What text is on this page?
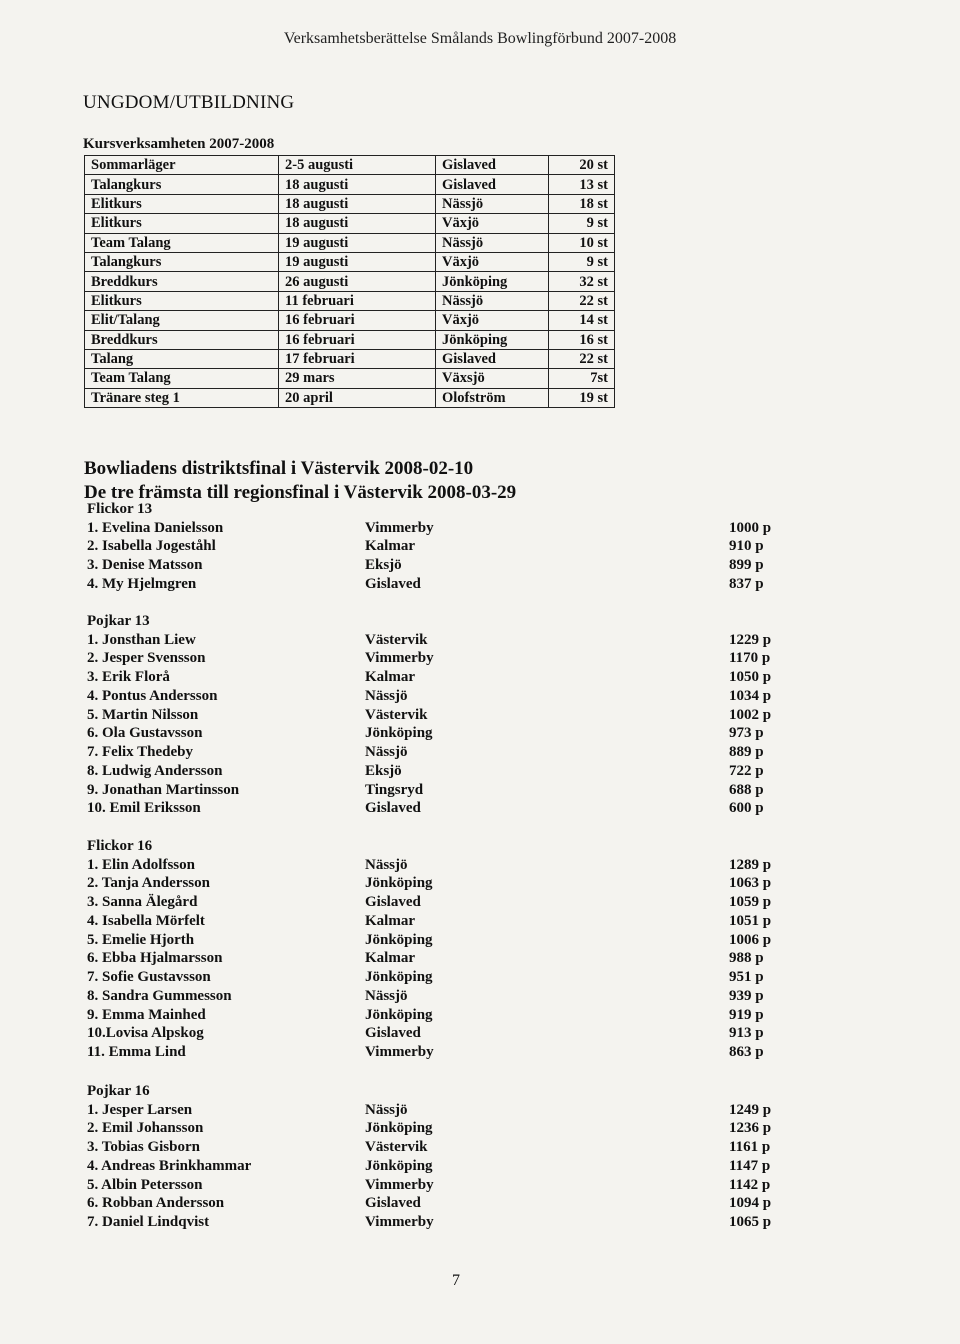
Verksamhetsberättelse Smålands Bowlingförbund 2007-2008
UNGDOM/UTBILDNING
Kursverksamheten 2007-2008
Sommarläger	2-5 augusti	Gislaved	20 st
Talangkurs	18 augusti	Gislaved	13 st
Elitkurs	18 augusti	Nässjö	18 st
Elitkurs	18 augusti	Växjö	9 st
Team Talang	19 augusti	Nässjö	10 st
Talangkurs	19 augusti	Växjö	9 st
Breddkurs	26 augusti	Jönköping	32 st
Elitkurs	11 februari	Nässjö	22 st
Elit/Talang	16 februari	Växjö	14 st
Breddkurs	16 februari	Jönköping	16 st
Talang	17 februari	Gislaved	22 st
Team Talang	29 mars	Växsjö	7st
Tränare steg 1	20 april	Olofström	19 st
Bowliadens distriktsfinal i Västervik 2008-02-10
De tre främsta till regionsfinal i Västervik 2008-03-29
Flickor 13
1. Evelina Danielsson	Vimmerby	1000 p
2. Isabella Jogeståhl	Kalmar	910 p
3. Denise Matsson	Eksjö	899 p
4. My Hjelmgren	Gislaved	837 p
Pojkar 13
1. Jonsthan Liew	Västervik	1229 p
2. Jesper Svensson	Vimmerby	1170 p
3. Erik Florå	Kalmar	1050 p
4. Pontus Andersson	Nässjö	1034 p
5. Martin Nilsson	Västervik	1002 p
6. Ola Gustavsson	Jönköping	973 p
7. Felix Thedeby	Nässjö	889 p
8. Ludwig Andersson	Eksjö	722 p
9. Jonathan Martinsson	Tingsryd	688 p
10. Emil Eriksson	Gislaved	600 p
Flickor 16
1. Elin Adolfsson	Nässjö	1289 p
2. Tanja Andersson	Jönköping	1063 p
3. Sanna Älegård	Gislaved	1059 p
4. Isabella Mörfelt	Kalmar	1051 p
5. Emelie Hjorth	Jönköping	1006 p
6. Ebba Hjalmarsson	Kalmar	988 p
7. Sofie Gustavsson	Jönköping	951 p
8. Sandra Gummesson	Nässjö	939 p
9. Emma Mainhed	Jönköping	919 p
10.Lovisa Alpskog	Gislaved	913 p
11. Emma Lind	Vimmerby	863 p
Pojkar 16
1. Jesper Larsen	Nässjö	1249 p
2. Emil Johansson	Jönköping	1236 p
3. Tobias Gisborn	Västervik	1161 p
4. Andreas Brinkhammar	Jönköping	1147 p
5. Albin Petersson	Vimmerby	1142 p
6. Robban Andersson	Gislaved	1094 p
7. Daniel Lindqvist	Vimmerby	1065 p
7
